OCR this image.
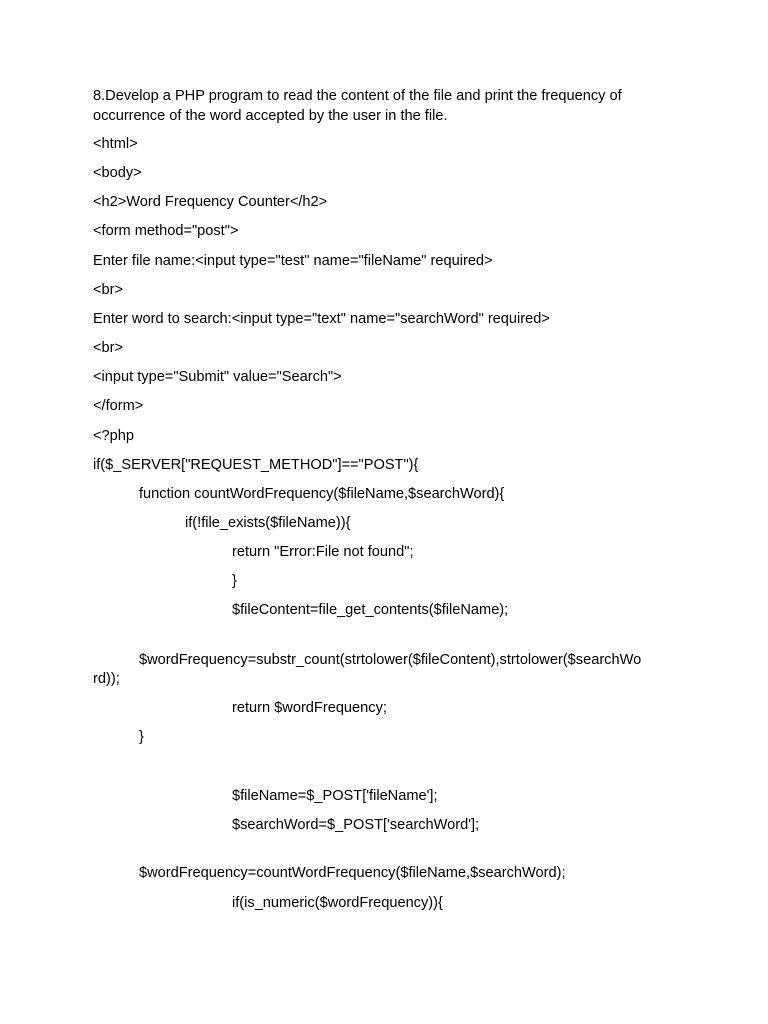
8.Develop a PHP program to read the content of the file and print the frequency of occurrence of the word accepted by the user in the file.

<html>

<body>

<h2>Word Frequency Counter</h2>

<form method="post">

Enter file name:<input type="test" name="fileName" required>

<br>

Enter word to search:<input type="text" name="searchWord" required>

<br>

<input type="Submit" value="Search">

</form>

<?php

if($_SERVER["REQUEST_METHOD"]=="POST"){

function countWordFrequency($fileName,$searchWord){

if(!file_exists($fileName)){

return "Error:File not found";

}

$fileContent=file_get_contents($fileName);

$wordFrequency=substr_count(strtolower($fileContent),strtolower($searchWo

rd));

return $wordFrequency;

}

$fileName=$_POST['fileName'];

$searchWord=$_POST['searchWord'];

$wordFrequency=countWordFrequency($fileName,$searchWord);

if(is_numeric($wordFrequency)){
